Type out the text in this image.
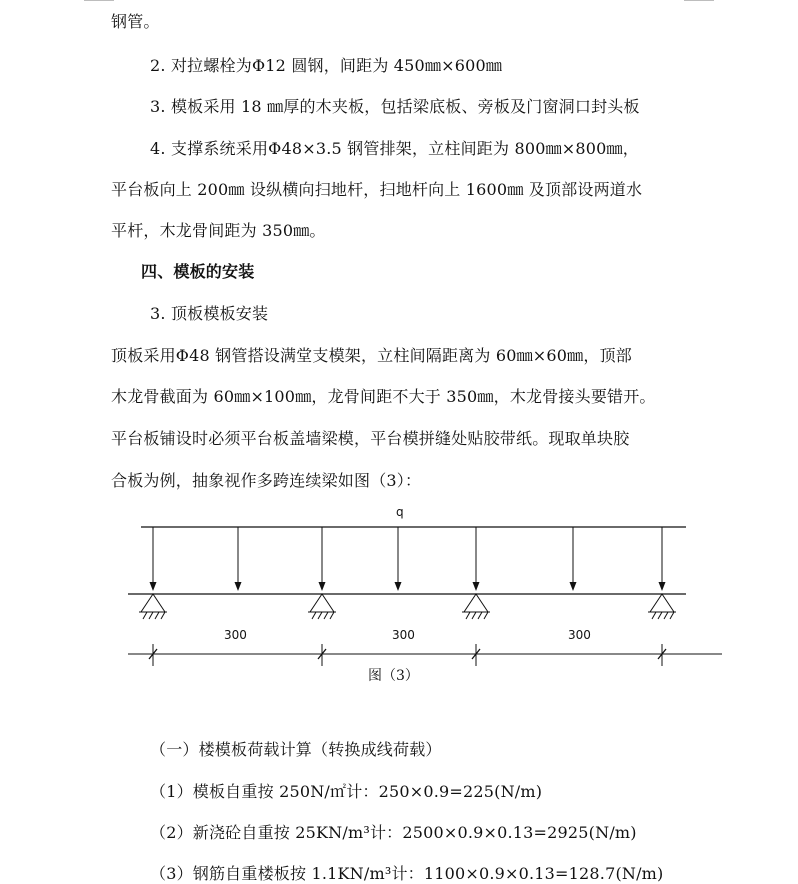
钢管。
2. 对拉螺栓为Φ12 圆钢，间距为 450㎜×600㎜
3. 模板采用 18 ㎜厚的木夹板，包括梁底板、旁板及门窗洞口封头板
4. 支撑系统采用Φ48×3.5 钢管排架，立柱间距为 800㎜×800㎜，
平台板向上 200㎜ 设纵横向扫地杆，扫地杆向上 1600㎜ 及顶部设两道水
平杆，木龙骨间距为 350㎜。
四、模板的安装
3. 顶板模板安装
顶板采用Φ48 钢管搭设满堂支模架，立柱间隔距离为 60㎜×60㎜，顶部
木龙骨截面为 60㎜×100㎜，龙骨间距不大于 350㎜，木龙骨接头要错开。
平台板铺设时必须平台板盖墙梁模，平台模拼缝处贴胶带纸。现取单块胶
合板为例，抽象视作多跨连续梁如图（3）：
q
300	300	300
图（3）
（一）楼模板荷载计算（转换成线荷载）
（1）模板自重按 250N/㎡计：250×0.9=225(N/m)
（2）新浇砼自重按 25KN/m³计：2500×0.9×0.13=2925(N/m)
（3）钢筋自重楼板按 1.1KN/m³计：1100×0.9×0.13=128.7(N/m)
